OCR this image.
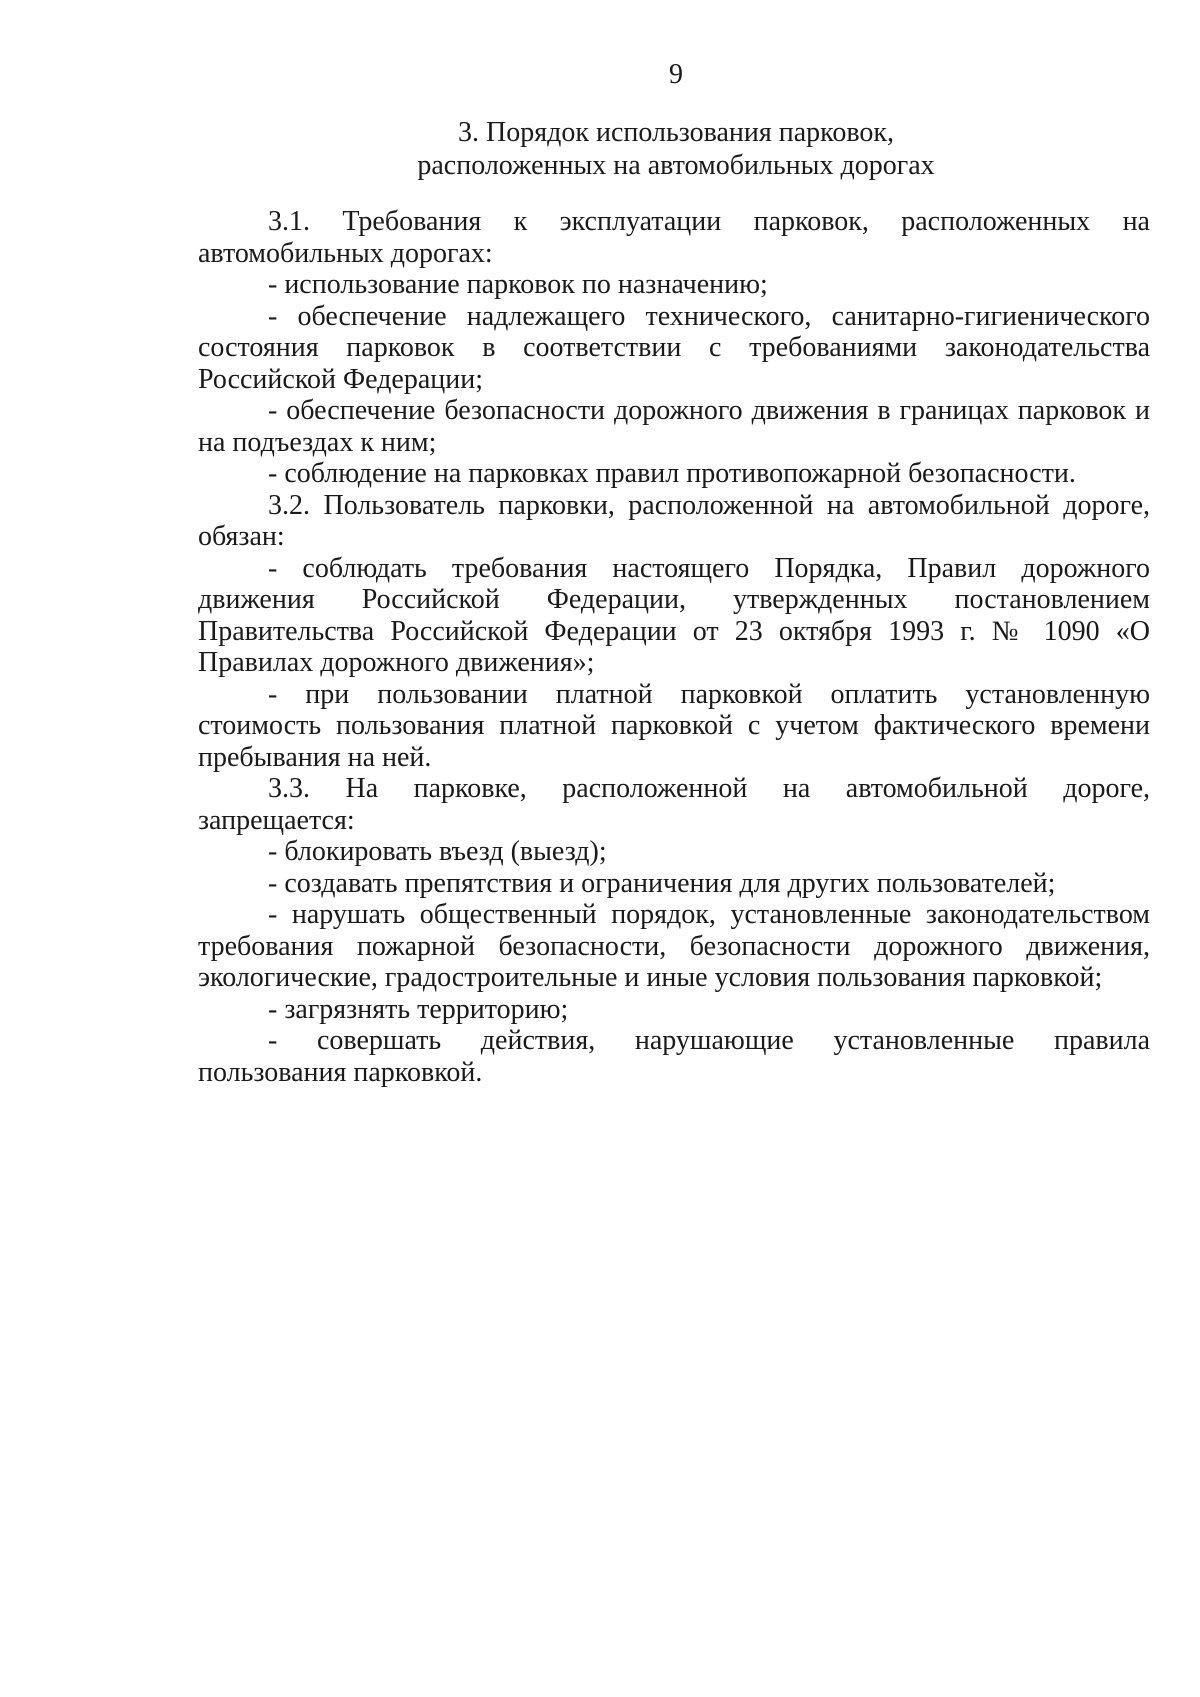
9
3. Порядок использования парковок,
расположенных на автомобильных дорогах

3.1. Требования к эксплуатации парковок, расположенных на
автомобильных дорогах:

- использование парковок по назначению;

- обеспечение надлежащего технического, санитарно-гигиенического
состояния парковок в соответствии с требованиями законодательства
Российской Федерации;

- обеспечение безопасности дорожного движения в границах парковок и
на подъездах к ним;

- соблюдение на парковках правил противопожарной безопасности.

3.2. Пользователь парковки, расположенной на автомобильной дороге,
обязан:

- соблюдать требования настоящего Порядка, Правил дорожного
движения Российской Федерации, утвержденных постановлением
Правительства Российской Федерации от 23 октября 1993 г. № 1090 «О
Правилах дорожного движения»;

- при пользовании платной парковкой оплатить установленную
стоимость пользования платной парковкой с учетом фактического времени
пребывания на ней.

3.3. На парковке, расположенной на автомобильной дороге,
запрещается:

- блокировать въезд (выезд);

- создавать препятствия и ограничения для других пользователей;

- нарушать общественный порядок, установленные законодательством
требования пожарной безопасности, безопасности дорожного движения,
экологические, градостроительные и иные условия пользования парковкой;

- загрязнять территорию;

- совершать действия, нарушающие установленные правила
пользования парковкой.
